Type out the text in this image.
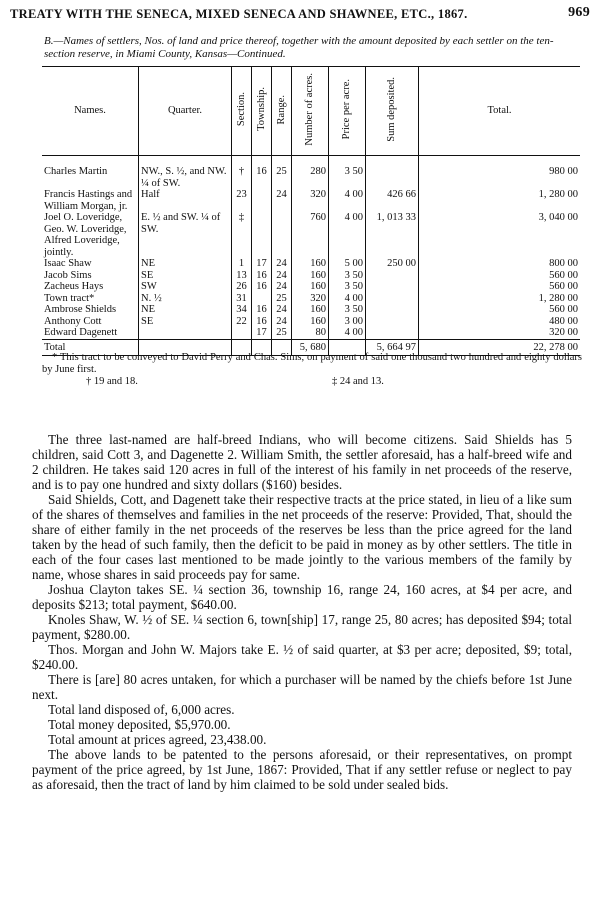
TREATY WITH THE SENECA, MIXED SENECA AND SHAWNEE, ETC., 1867.	969
B.—Names of settlers, Nos. of land and price thereof, together with the amount deposited by each settler on the ten-section reserve, in Miami County, Kansas—Continued.
Names.	Quarter.	Section.	Township.	Range.	Number of acres.	Price per acre.	Sum deposited.	Total.

Charles Martin	NW., S. ½, and NW. ¼ of SW.	†	16	25	280	3 50		980 00
Francis Hastings and William Morgan, jr.	Half	23		24	320	4 00	426 66	1, 280 00
Joel O. Loveridge, Geo. W. Loveridge, Alfred Loveridge, jointly.	E. ½ and SW. ¼ of SW.	‡			760	4 00	1, 013 33	3, 040 00
Isaac Shaw	NE	1	17	24	160	5 00	250 00	800 00
Jacob Sims	SE	13	16	24	160	3 50		560 00
Zacheus Hays	SW	26	16	24	160	3 50		560 00
Town tract*	N. ½	31		25	320	4 00		1, 280 00
Ambrose Shields	NE	34	16	24	160	3 50		560 00
Anthony Cott	SE	22	16	24	160	3 00		480 00
Edward Dagenett			17	25	80	4 00		320 00
Total					5, 680		5, 664 97	22, 278 00

* This tract to be conveyed to David Perry and Chas. Sims, on payment of said one thousand two hundred and eighty dollars by June first.

† 19 and 18.	‡ 24 and 13.

The three last-named are half-breed Indians, who will become citizens. Said Shields has 5 children, said Cott 3, and Dagenette 2. William Smith, the settler aforesaid, has a half-breed wife and 2 children. He takes said 120 acres in full of the interest of his family in net proceeds of the reserve, and is to pay one hundred and sixty dollars ($160) besides.

Said Shields, Cott, and Dagenett take their respective tracts at the price stated, in lieu of a like sum of the shares of themselves and families in the net proceeds of the reserve: Provided, That, should the share of either family in the net proceeds of the reserves be less than the price agreed for the land taken by the head of such family, then the deficit to be paid in money as by other settlers. The title in each of the four cases last mentioned to be made jointly to the various members of the family by name, whose shares in said proceeds pay for same.

Joshua Clayton takes SE. ¼ section 36, township 16, range 24, 160 acres, at $4 per acre, and deposits $213; total payment, $640.00.

Knoles Shaw, W. ½ of SE. ¼ section 6, town[ship] 17, range 25, 80 acres; has deposited $94; total payment, $280.00.

Thos. Morgan and John W. Majors take E. ½ of said quarter, at $3 per acre; deposited, $9; total, $240.00.

There is [are] 80 acres untaken, for which a purchaser will be named by the chiefs before 1st June next.

Total land disposed of, 6,000 acres.

Total money deposited, $5,970.00.

Total amount at prices agreed, 23,438.00.

The above lands to be patented to the persons aforesaid, or their representatives, on prompt payment of the price agreed, by 1st June, 1867: Provided, That if any settler refuse or neglect to pay as aforesaid, then the tract of land by him claimed to be sold under sealed bids.
